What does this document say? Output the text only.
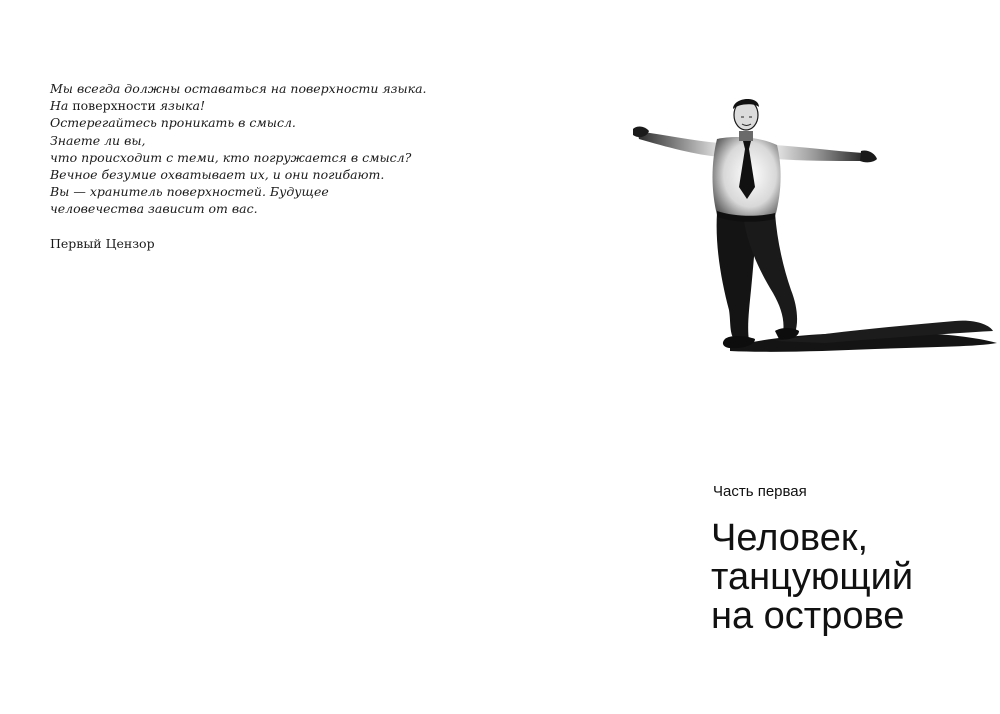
Мы всегда должны оставаться на поверхности языка.
На поверхности языка!
Остерегайтесь проникать в смысл.
Знаете ли вы,
что происходит с теми, кто погружается в смысл?
Вечное безумие охватывает их, и они погибают.
Вы — хранитель поверхностей. Будущее
человечества зависит от вас.
Первый Цензор
Часть первая
Человек,
танцующий
на острове
